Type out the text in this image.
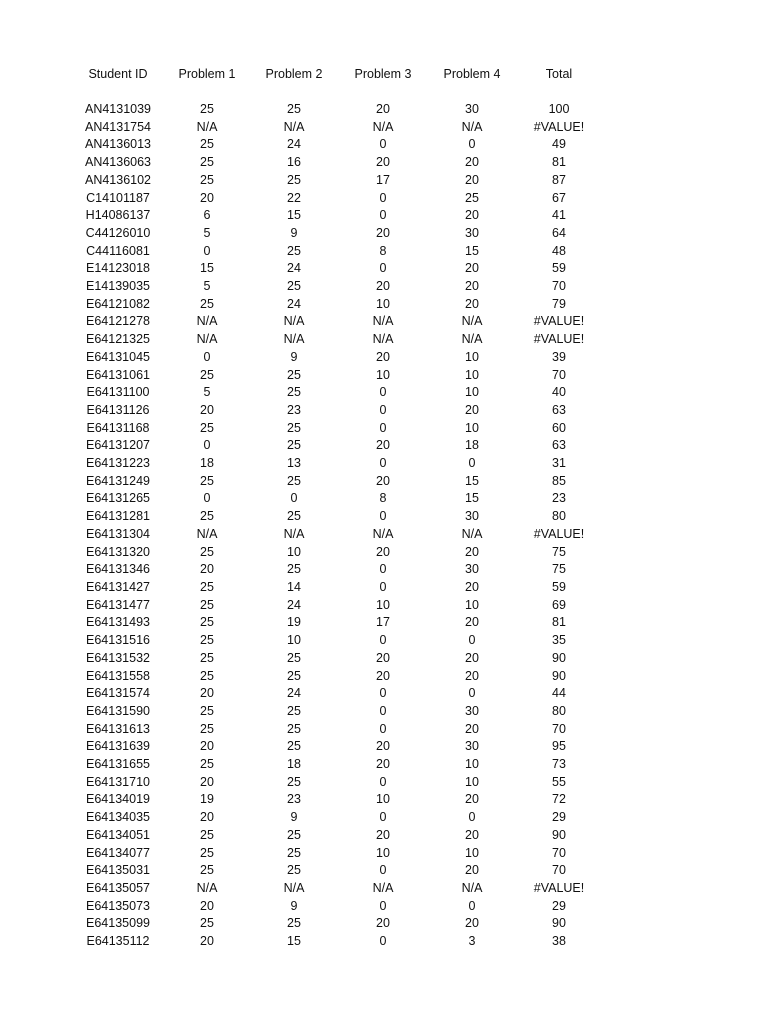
Student ID	Problem 1	Problem 2	Problem 3	Problem 4	Total

AN4131039	25	25	20	30	100
AN4131754	N/A	N/A	N/A	N/A	#VALUE!
AN4136013	25	24	0	0	49
AN4136063	25	16	20	20	81
AN4136102	25	25	17	20	87
C14101187	20	22	0	25	67
H14086137	6	15	0	20	41
C44126010	5	9	20	30	64
C44116081	0	25	8	15	48
E14123018	15	24	0	20	59
E14139035	5	25	20	20	70
E64121082	25	24	10	20	79
E64121278	N/A	N/A	N/A	N/A	#VALUE!
E64121325	N/A	N/A	N/A	N/A	#VALUE!
E64131045	0	9	20	10	39
E64131061	25	25	10	10	70
E64131100	5	25	0	10	40
E64131126	20	23	0	20	63
E64131168	25	25	0	10	60
E64131207	0	25	20	18	63
E64131223	18	13	0	0	31
E64131249	25	25	20	15	85
E64131265	0	0	8	15	23
E64131281	25	25	0	30	80
E64131304	N/A	N/A	N/A	N/A	#VALUE!
E64131320	25	10	20	20	75
E64131346	20	25	0	30	75
E64131427	25	14	0	20	59
E64131477	25	24	10	10	69
E64131493	25	19	17	20	81
E64131516	25	10	0	0	35
E64131532	25	25	20	20	90
E64131558	25	25	20	20	90
E64131574	20	24	0	0	44
E64131590	25	25	0	30	80
E64131613	25	25	0	20	70
E64131639	20	25	20	30	95
E64131655	25	18	20	10	73
E64131710	20	25	0	10	55
E64134019	19	23	10	20	72
E64134035	20	9	0	0	29
E64134051	25	25	20	20	90
E64134077	25	25	10	10	70
E64135031	25	25	0	20	70
E64135057	N/A	N/A	N/A	N/A	#VALUE!
E64135073	20	9	0	0	29
E64135099	25	25	20	20	90
E64135112	20	15	0	3	38
